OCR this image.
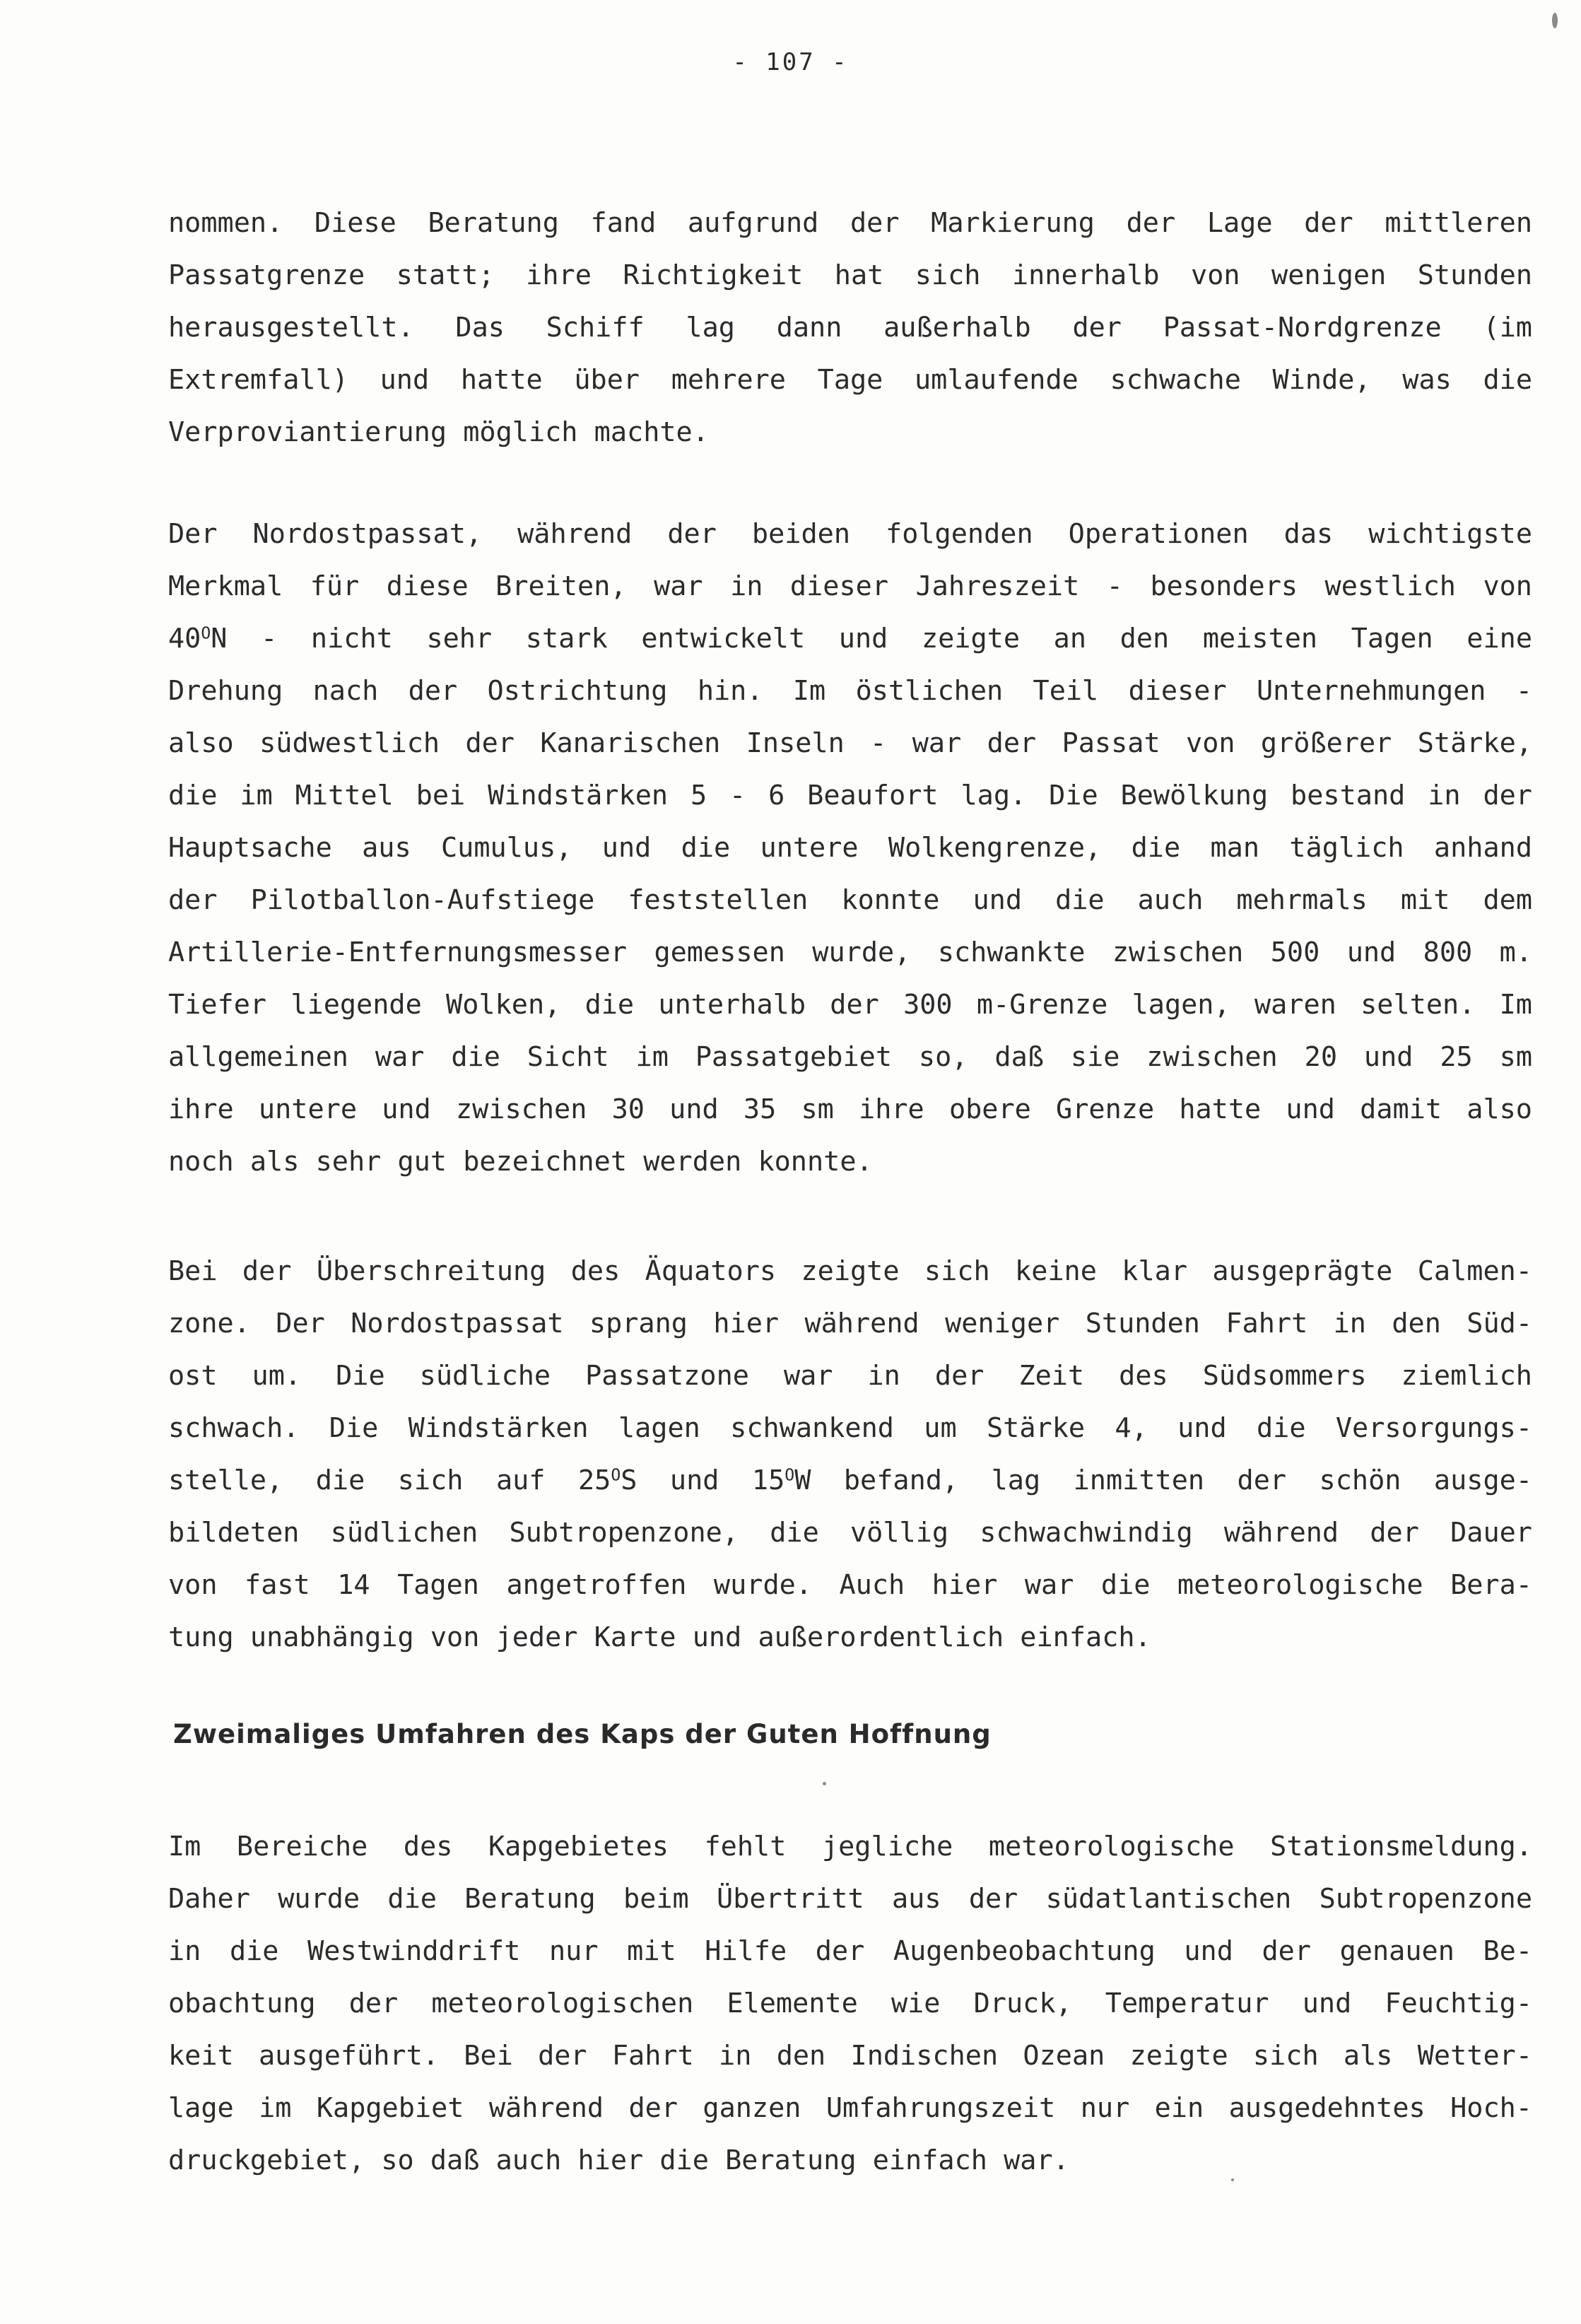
- 107 -
nommen. Diese Beratung fand aufgrund der Markierung der Lage der mittleren
Passatgrenze statt; ihre Richtigkeit hat sich innerhalb von wenigen Stunden
herausgestellt. Das Schiff lag dann außerhalb der Passat-Nordgrenze (im
Extremfall) und hatte über mehrere Tage umlaufende schwache Winde, was die
Verproviantierung möglich machte.
Der Nordostpassat, während der beiden folgenden Operationen das wichtigste
Merkmal für diese Breiten, war in dieser Jahreszeit - besonders westlich von
$40^ON$ - nicht sehr stark entwickelt und zeigte an den meisten Tagen eine
Drehung nach der Ostrichtung hin. Im östlichen Teil dieser Unternehmungen -
also südwestlich der Kanarischen Inseln - war der Passat von größerer Stärke,
die im Mittel bei Windstärken 5 - 6 Beaufort lag. Die Bewölkung bestand in der
Hauptsache aus Cumulus, und die untere Wolkengrenze, die man täglich anhand
der Pilotballon-Aufstiege feststellen konnte und die auch mehrmals mit dem
Artillerie-Entfernungsmesser gemessen wurde, schwankte zwischen 500 und 800 m.
Tiefer liegende Wolken, die unterhalb der 300 m-Grenze lagen, waren selten. Im
allgemeinen war die Sicht im Passatgebiet so, daß sie zwischen 20 und 25 sm
ihre untere und zwischen 30 und 35 sm ihre obere Grenze hatte und damit also
noch als sehr gut bezeichnet werden konnte.
Bei der Überschreitung des Äquators zeigte sich keine klar ausgeprägte Calmen-
zone. Der Nordostpassat sprang hier während weniger Stunden Fahrt in den Süd-
ost um. Die südliche Passatzone war in der Zeit des Südsommers ziemlich
schwach. Die Windstärken lagen schwankend um Stärke 4, und die Versorgungs-
stelle, die sich auf $25^OS$ und $15^OW$ befand, lag inmitten der schön ausge-
bildeten südlichen Subtropenzone, die völlig schwachwindig während der Dauer
von fast 14 Tagen angetroffen wurde. Auch hier war die meteorologische Bera-
tung unabhängig von jeder Karte und außerordentlich einfach.
Zweimaliges Umfahren des Kaps der Guten Hoffnung
Im Bereiche des Kapgebietes fehlt jegliche meteorologische Stationsmeldung.
Daher wurde die Beratung beim Übertritt aus der südatlantischen Subtropenzone
in die Westwinddrift nur mit Hilfe der Augenbeobachtung und der genauen Be-
obachtung der meteorologischen Elemente wie Druck, Temperatur und Feuchtig-
keit ausgeführt. Bei der Fahrt in den Indischen Ozean zeigte sich als Wetter-
lage im Kapgebiet während der ganzen Umfahrungszeit nur ein ausgedehntes Hoch-
druckgebiet, so daß auch hier die Beratung einfach war.
